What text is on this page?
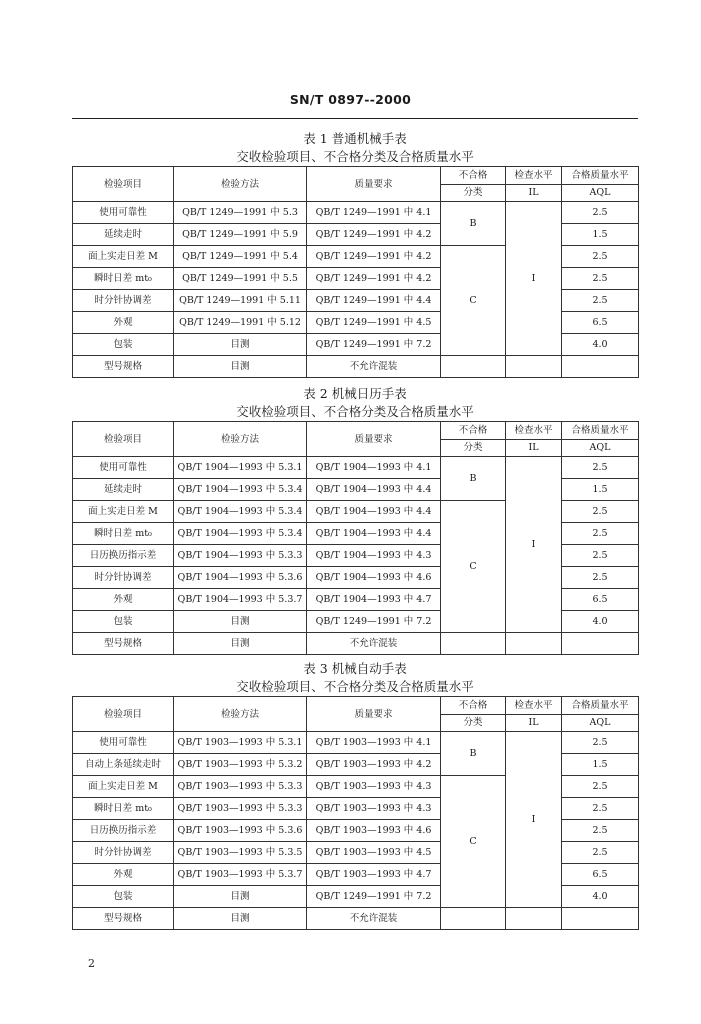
SN/T 0897--2000
表 1 普通机械手表
交收检验项目、不合格分类及合格质量水平
检验项目	检验方法	质量要求	不合格	检查水平	合格质量水平
			分类	IL	AQL
使用可靠性	QB/T 1249—1991 中 5.3	QB/T 1249—1991 中 4.1	B	I	2.5
延续走时	QB/T 1249—1991 中 5.9	QB/T 1249—1991 中 4.2			1.5
面上实走日差 M	QB/T 1249—1991 中 5.4	QB/T 1249—1991 中 4.2	C		2.5
瞬时日差 mt₀	QB/T 1249—1991 中 5.5	QB/T 1249—1991 中 4.2			2.5
时分针协调差	QB/T 1249—1991 中 5.11	QB/T 1249—1991 中 4.4			2.5
外观	QB/T 1249—1991 中 5.12	QB/T 1249—1991 中 4.5			6.5
包装	目测	QB/T 1249—1991 中 7.2			4.0
型号规格	目测	不允许混装			
表 2 机械日历手表
交收检验项目、不合格分类及合格质量水平
检验项目	检验方法	质量要求	不合格	检查水平	合格质量水平
			分类	IL	AQL
使用可靠性	QB/T 1904—1993 中 5.3.1	QB/T 1904—1993 中 4.1	B	I	2.5
延续走时	QB/T 1904—1993 中 5.3.4	QB/T 1904—1993 中 4.4			1.5
面上实走日差 M	QB/T 1904—1993 中 5.3.4	QB/T 1904—1993 中 4.4	C		2.5
瞬时日差 mt₀	QB/T 1904—1993 中 5.3.4	QB/T 1904—1993 中 4.4			2.5
日历换历指示差	QB/T 1904—1993 中 5.3.3	QB/T 1904—1993 中 4.3			2.5
时分针协调差	QB/T 1904—1993 中 5.3.6	QB/T 1904—1993 中 4.6			2.5
外观	QB/T 1904—1993 中 5.3.7	QB/T 1904—1993 中 4.7			6.5
包装	目测	QB/T 1249—1991 中 7.2			4.0
型号规格	目测	不允许混装			
表 3 机械自动手表
交收检验项目、不合格分类及合格质量水平
检验项目	检验方法	质量要求	不合格	检查水平	合格质量水平
			分类	IL	AQL
使用可靠性	QB/T 1903—1993 中 5.3.1	QB/T 1903—1993 中 4.1	B	I	2.5
自动上条延续走时	QB/T 1903—1993 中 5.3.2	QB/T 1903—1993 中 4.2			1.5
面上实走日差 M	QB/T 1903—1993 中 5.3.3	QB/T 1903—1993 中 4.3	C		2.5
瞬时日差 mt₀	QB/T 1903—1993 中 5.3.3	QB/T 1903—1993 中 4.3			2.5
日历换历指示差	QB/T 1903—1993 中 5.3.6	QB/T 1903—1993 中 4.6			2.5
时分针协调差	QB/T 1903—1993 中 5.3.5	QB/T 1903—1993 中 4.5			2.5
外观	QB/T 1903—1993 中 5.3.7	QB/T 1903—1993 中 4.7			6.5
包装	目测	QB/T 1249—1991 中 7.2			4.0
型号规格	目测	不允许混装			
2
